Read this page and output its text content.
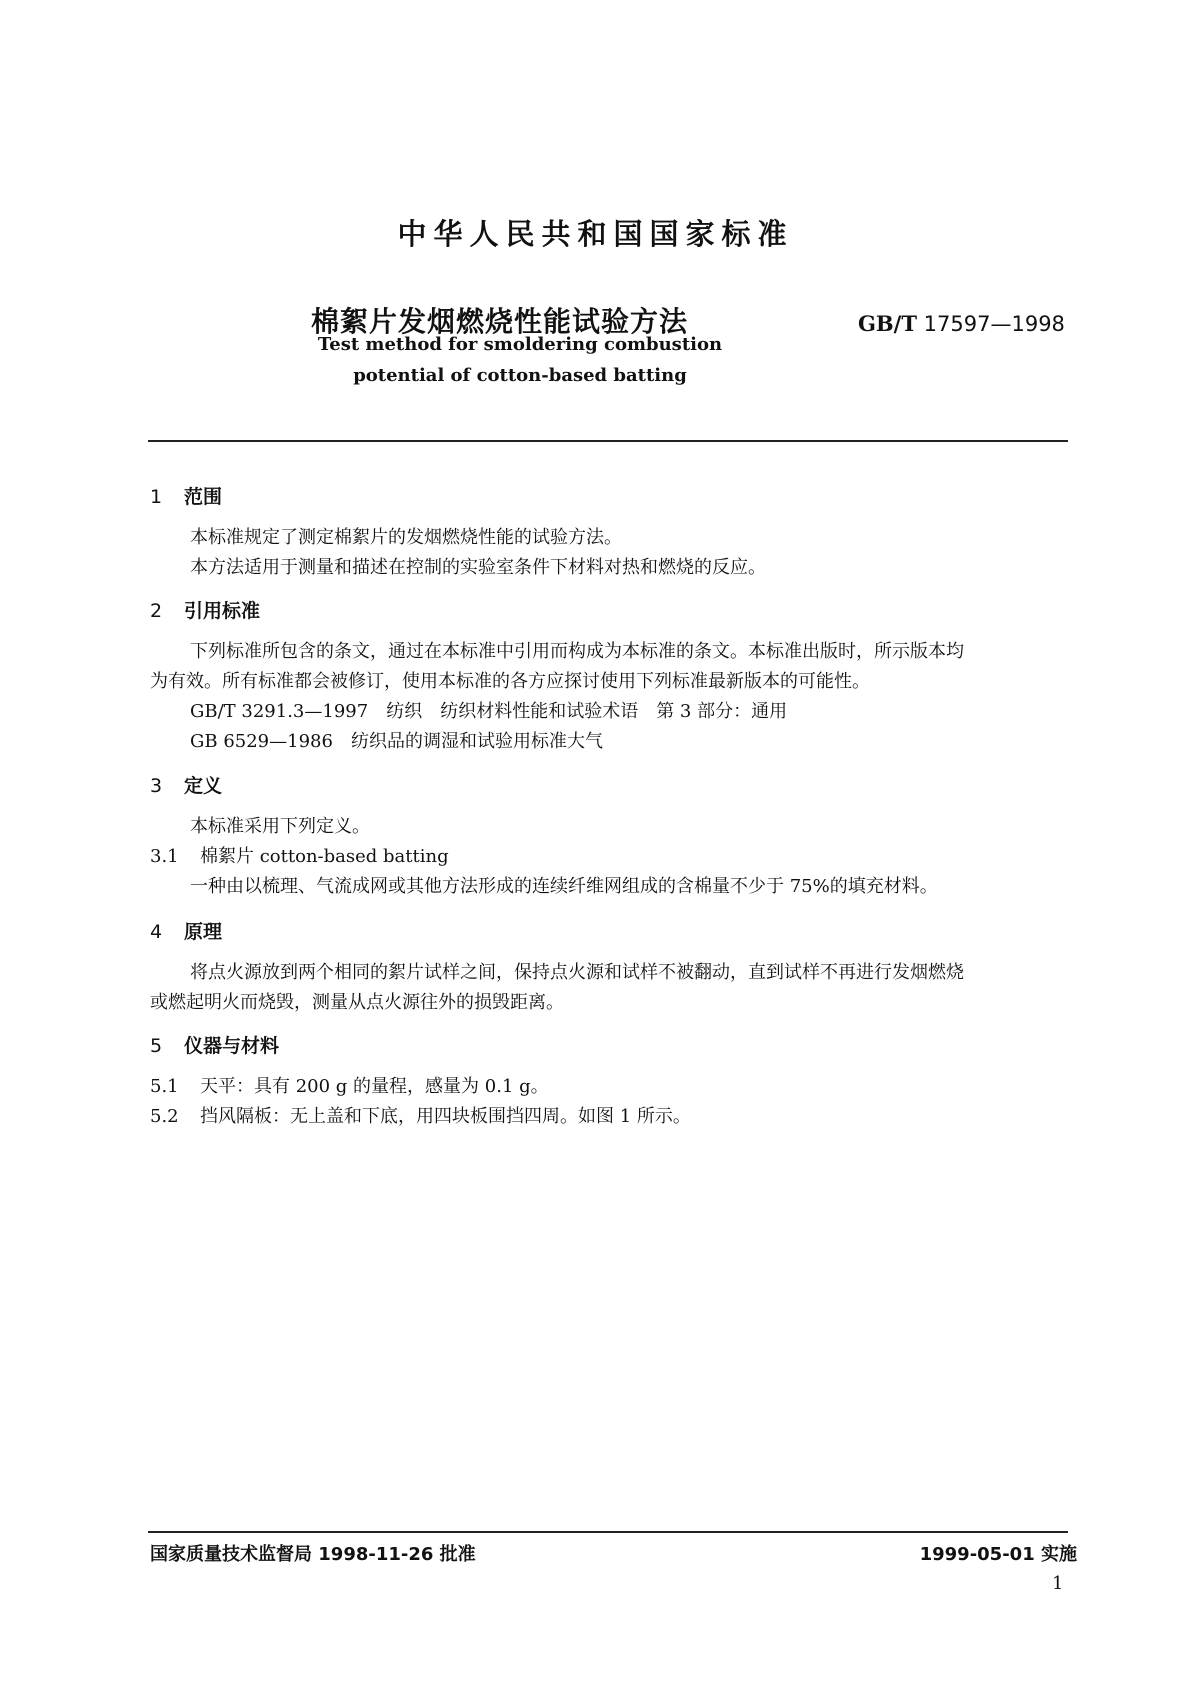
中华人民共和国国家标准
棉絮片发烟燃烧性能试验方法	GB/T 17597—1998
Test method for smoldering combustion
potential of cotton-based batting
1 范围
本标准规定了测定棉絮片的发烟燃烧性能的试验方法。
本方法适用于测量和描述在控制的实验室条件下材料对热和燃烧的反应。
2 引用标准
下列标准所包含的条文，通过在本标准中引用而构成为本标准的条文。本标准出版时，所示版本均
为有效。所有标准都会被修订，使用本标准的各方应探讨使用下列标准最新版本的可能性。
GB/T 3291.3—1997　纺织　纺织材料性能和试验术语　第 3 部分：通用
GB 6529—1986　纺织品的调湿和试验用标准大气
3 定义
本标准采用下列定义。
3.1 棉絮片 cotton-based batting
一种由以梳理、气流成网或其他方法形成的连续纤维网组成的含棉量不少于 75%的填充材料。
4 原理
将点火源放到两个相同的絮片试样之间，保持点火源和试样不被翻动，直到试样不再进行发烟燃烧
或燃起明火而烧毁，测量从点火源往外的损毁距离。
5 仪器与材料
5.1 天平：具有 200 g 的量程，感量为 0.1 g。
5.2 挡风隔板：无上盖和下底，用四块板围挡四周。如图 1 所示。
国家质量技术监督局 1998-11-26 批准	1999-05-01 实施
1
